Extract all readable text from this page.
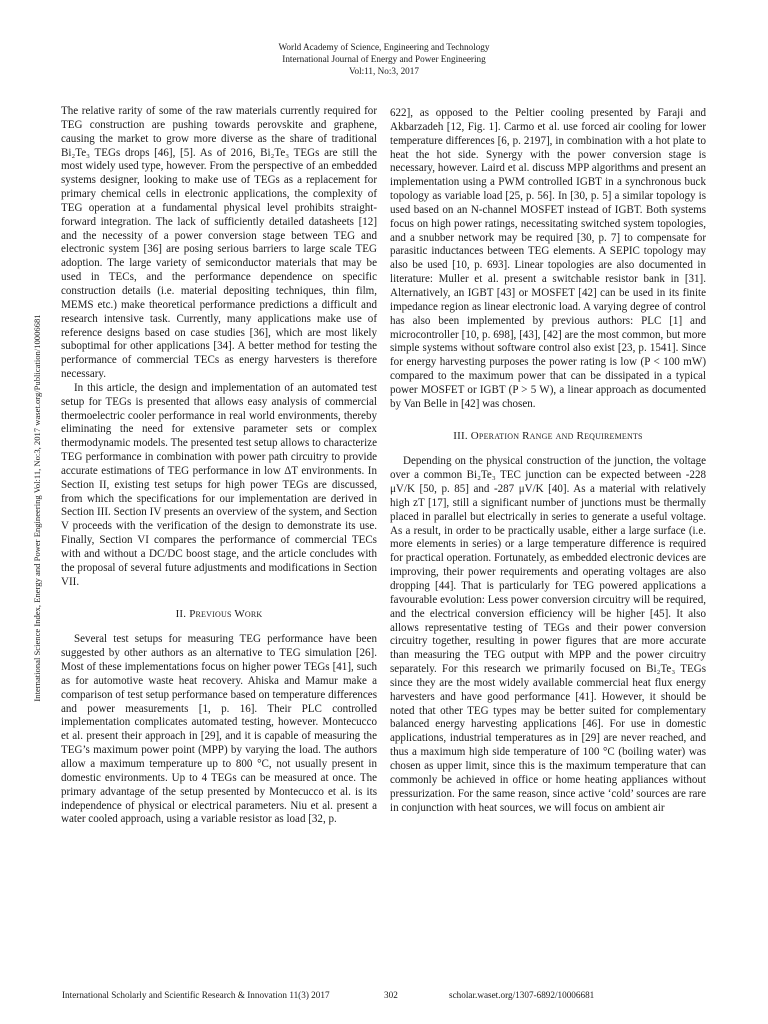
World Academy of Science, Engineering and Technology
International Journal of Energy and Power Engineering
Vol:11, No:3, 2017
International Science Index, Energy and Power Engineering Vol:11, No:3, 2017 waset.org/Publication/10006681

The relative rarity of some of the raw materials currently required for TEG construction are pushing towards perovskite and graphene, causing the market to grow more diverse as the share of traditional Bi₂Te₃ TEGs drops [46], [5]. As of 2016, Bi₂Te₃ TEGs are still the most widely used type, however. From the perspective of an embedded systems designer, looking to make use of TEGs as a replacement for primary chemical cells in electronic applications, the complexity of TEG operation at a fundamental physical level prohibits straight-forward integration. The lack of sufficiently detailed datasheets [12] and the necessity of a power conversion stage between TEG and electronic system [36] are posing serious barriers to large scale TEG adoption. The large variety of semiconductor materials that may be used in TECs, and the performance dependence on specific construction details (i.e. material depositing techniques, thin film, MEMS etc.) make theoretical performance predictions a difficult and research intensive task. Currently, many applications make use of reference designs based on case studies [36], which are most likely suboptimal for other applications [34]. A better method for testing the performance of commercial TECs as energy harvesters is therefore necessary.

In this article, the design and implementation of an automated test setup for TEGs is presented that allows easy analysis of commercial thermoelectric cooler performance in real world environments, thereby eliminating the need for extensive parameter sets or complex thermodynamic models. The presented test setup allows to characterize TEG performance in combination with power path circuitry to provide accurate estimations of TEG performance in low ΔT environments. In Section II, existing test setups for high power TEGs are discussed, from which the specifications for our implementation are derived in Section III. Section IV presents an overview of the system, and Section V proceeds with the verification of the design to demonstrate its use. Finally, Section VI compares the performance of commercial TECs with and without a DC/DC boost stage, and the article concludes with the proposal of several future adjustments and modifications in Section VII.

II. Previous Work

Several test setups for measuring TEG performance have been suggested by other authors as an alternative to TEG simulation [26]. Most of these implementations focus on higher power TEGs [41], such as for automotive waste heat recovery. Ahiska and Mamur make a comparison of test setup performance based on temperature differences and power measurements [1, p. 16]. Their PLC controlled implementation complicates automated testing, however. Montecucco et al. present their approach in [29], and it is capable of measuring the TEG’s maximum power point (MPP) by varying the load. The authors allow a maximum temperature up to 800 °C, not usually present in domestic environments. Up to 4 TEGs can be measured at once. The primary advantage of the setup presented by Montecucco et al. is its independence of physical or electrical parameters. Niu et al. present a water cooled approach, using a variable resistor as load [32, p.

622], as opposed to the Peltier cooling presented by Faraji and Akbarzadeh [12, Fig. 1]. Carmo et al. use forced air cooling for lower temperature differences [6, p. 2197], in combination with a hot plate to heat the hot side. Synergy with the power conversion stage is necessary, however. Laird et al. discuss MPP algorithms and present an implementation using a PWM controlled IGBT in a synchronous buck topology as variable load [25, p. 56]. In [30, p. 5] a similar topology is used based on an N-channel MOSFET instead of IGBT. Both systems focus on high power ratings, necessitating switched system topologies, and a snubber network may be required [30, p. 7] to compensate for parasitic inductances between TEG elements. A SEPIC topology may also be used [10, p. 693]. Linear topologies are also documented in literature: Muller et al. present a switchable resistor bank in [31]. Alternatively, an IGBT [43] or MOSFET [42] can be used in its finite impedance region as linear electronic load. A varying degree of control has also been implemented by previous authors: PLC [1] and microcontroller [10, p. 698], [43], [42] are the most common, but more simple systems without software control also exist [23, p. 1541]. Since for energy harvesting purposes the power rating is low (P < 100 mW) compared to the maximum power that can be dissipated in a typical power MOSFET or IGBT (P > 5 W), a linear approach as documented by Van Belle in [42] was chosen.

III. Operation Range and Requirements

Depending on the physical construction of the junction, the voltage over a common Bi₂Te₃ TEC junction can be expected between -228 μV/K [50, p. 85] and -287 μV/K [40]. As a material with relatively high zT [17], still a significant number of junctions must be thermally placed in parallel but electrically in series to generate a useful voltage. As a result, in order to be practically usable, either a large surface (i.e. more elements in series) or a large temperature difference is required for practical operation. Fortunately, as embedded electronic devices are improving, their power requirements and operating voltages are also dropping [44]. That is particularly for TEG powered applications a favourable evolution: Less power conversion circuitry will be required, and the electrical conversion efficiency will be higher [45]. It also allows representative testing of TEGs and their power conversion circuitry together, resulting in power figures that are more accurate than measuring the TEG output with MPP and the power circuitry separately. For this research we primarily focused on Bi₂Te₃ TEGs since they are the most widely available commercial heat flux energy harvesters and have good performance [41]. However, it should be noted that other TEG types may be better suited for complementary balanced energy harvesting applications [46]. For use in domestic applications, industrial temperatures as in [29] are never reached, and thus a maximum high side temperature of 100 °C (boiling water) was chosen as upper limit, since this is the maximum temperature that can commonly be achieved in office or home heating appliances without pressurization. For the same reason, since active ‘cold’ sources are rare in conjunction with heat sources, we will focus on ambient air

International Scholarly and Scientific Research & Innovation 11(3) 2017	302	scholar.waset.org/1307-6892/10006681
